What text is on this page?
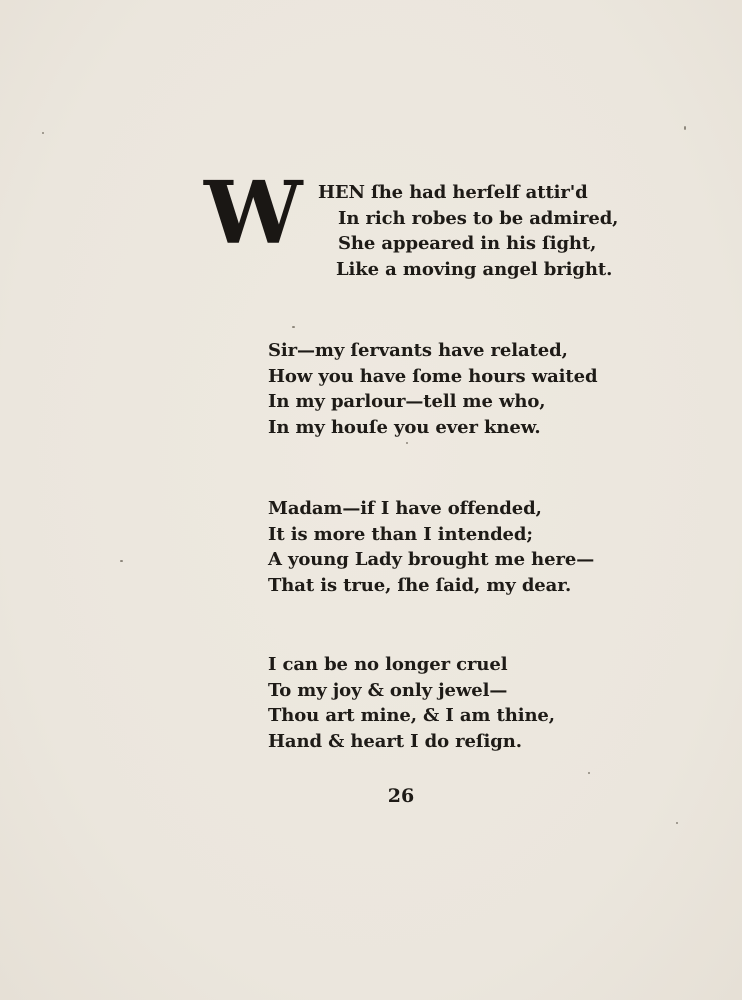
W HEN ſhe had herſelf attir'd
In rich robes to be admired,
She appeared in his ſight,
Like a moving angel bright.
Sir—my ſervants have related,
How you have ſome hours waited
In my parlour—tell me who,
In my houſe you ever knew.
Madam—if I have offended,
It is more than I intended;
A young Lady brought me here—
That is true, ſhe ſaid, my dear.
I can be no longer cruel
To my joy & only jewel—
Thou art mine, & I am thine,
Hand & heart I do reſign.
26
